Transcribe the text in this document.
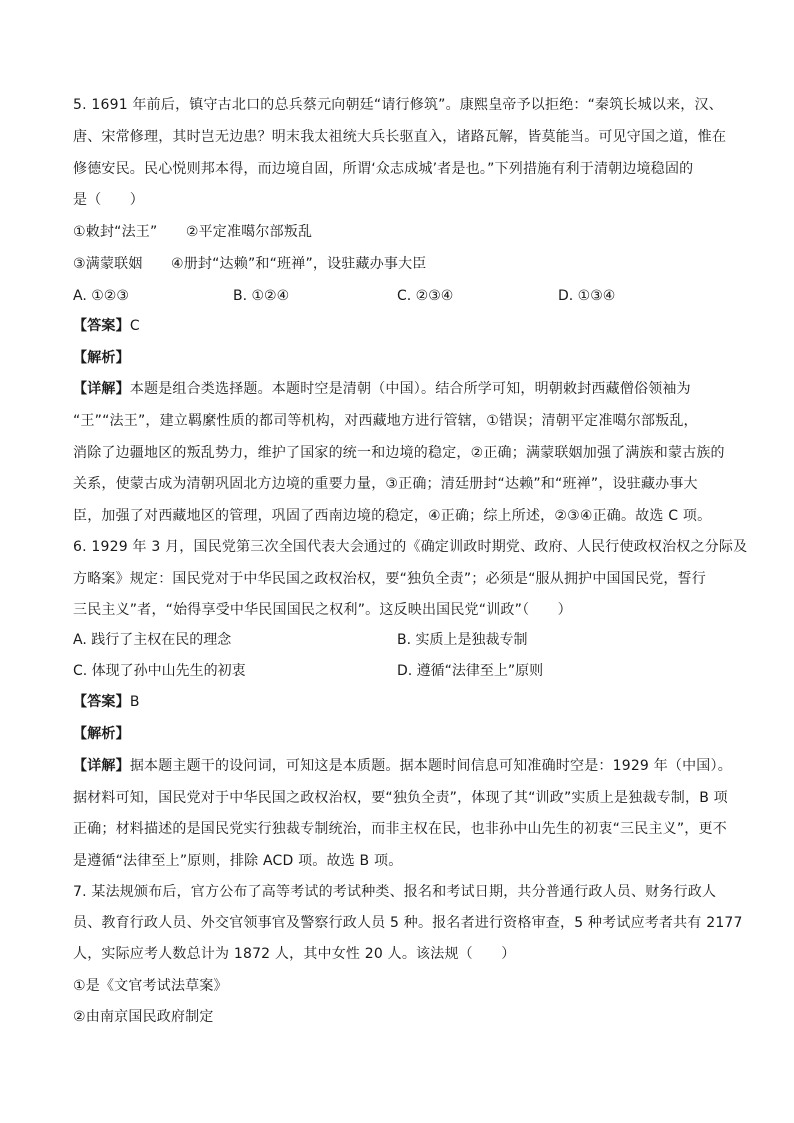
5. 1691 年前后，镇守古北口的总兵蔡元向朝廷“请行修筑”。康熙皇帝予以拒绝：“秦筑长城以来，汉、
唐、宋常修理，其时岂无边患？明末我太祖统大兵长驱直入，诸路瓦解，皆莫能当。可见守国之道，惟在
修德安民。民心悦则邦本得，而边境自固，所谓‘众志成城’者是也。”下列措施有利于清朝边境稳固的
是（　　）
①敕封“法王”　　②平定准噶尔部叛乱
③满蒙联姻　　④册封“达赖”和“班禅”，设驻藏办事大臣
A. ①②③	B. ①②④	C. ②③④	D. ①③④
【答案】C
【解析】
【详解】本题是组合类选择题。本题时空是清朝（中国）。结合所学可知，明朝敕封西藏僧俗领袖为
“王”“法王”，建立羁縻性质的都司等机构，对西藏地方进行管辖，①错误；清朝平定准噶尔部叛乱，
消除了边疆地区的叛乱势力，维护了国家的统一和边境的稳定，②正确；满蒙联姻加强了满族和蒙古族的
关系，使蒙古成为清朝巩固北方边境的重要力量，③正确；清廷册封“达赖”和“班禅”，设驻藏办事大
臣，加强了对西藏地区的管理，巩固了西南边境的稳定，④正确；综上所述，②③④正确。故选 C 项。
6. 1929 年 3 月，国民党第三次全国代表大会通过的《确定训政时期党、政府、人民行使政权治权之分际及
方略案》规定：国民党对于中华民国之政权治权，要“独负全责”；必须是“服从拥护中国国民党，誓行
三民主义”者，“始得享受中华民国国民之权利”。这反映出国民党“训政”（　　）
A. 践行了主权在民的理念	B. 实质上是独裁专制
C. 体现了孙中山先生的初衷	D. 遵循“法律至上”原则
【答案】B
【解析】
【详解】据本题主题干的设问词，可知这是本质题。据本题时间信息可知准确时空是：1929 年（中国）。
据材料可知，国民党对于中华民国之政权治权，要“独负全责”，体现了其“训政”实质上是独裁专制，B 项
正确；材料描述的是国民党实行独裁专制统治，而非主权在民，也非孙中山先生的初衷“三民主义”，更不
是遵循“法律至上”原则，排除 ACD 项。故选 B 项。
7. 某法规颁布后，官方公布了高等考试的考试种类、报名和考试日期，共分普通行政人员、财务行政人
员、教育行政人员、外交官领事官及警察行政人员 5 种。报名者进行资格审查，5 种考试应考者共有 2177
人，实际应考人数总计为 1872 人，其中女性 20 人。该法规（　　）
①是《文官考试法草案》
②由南京国民政府制定
